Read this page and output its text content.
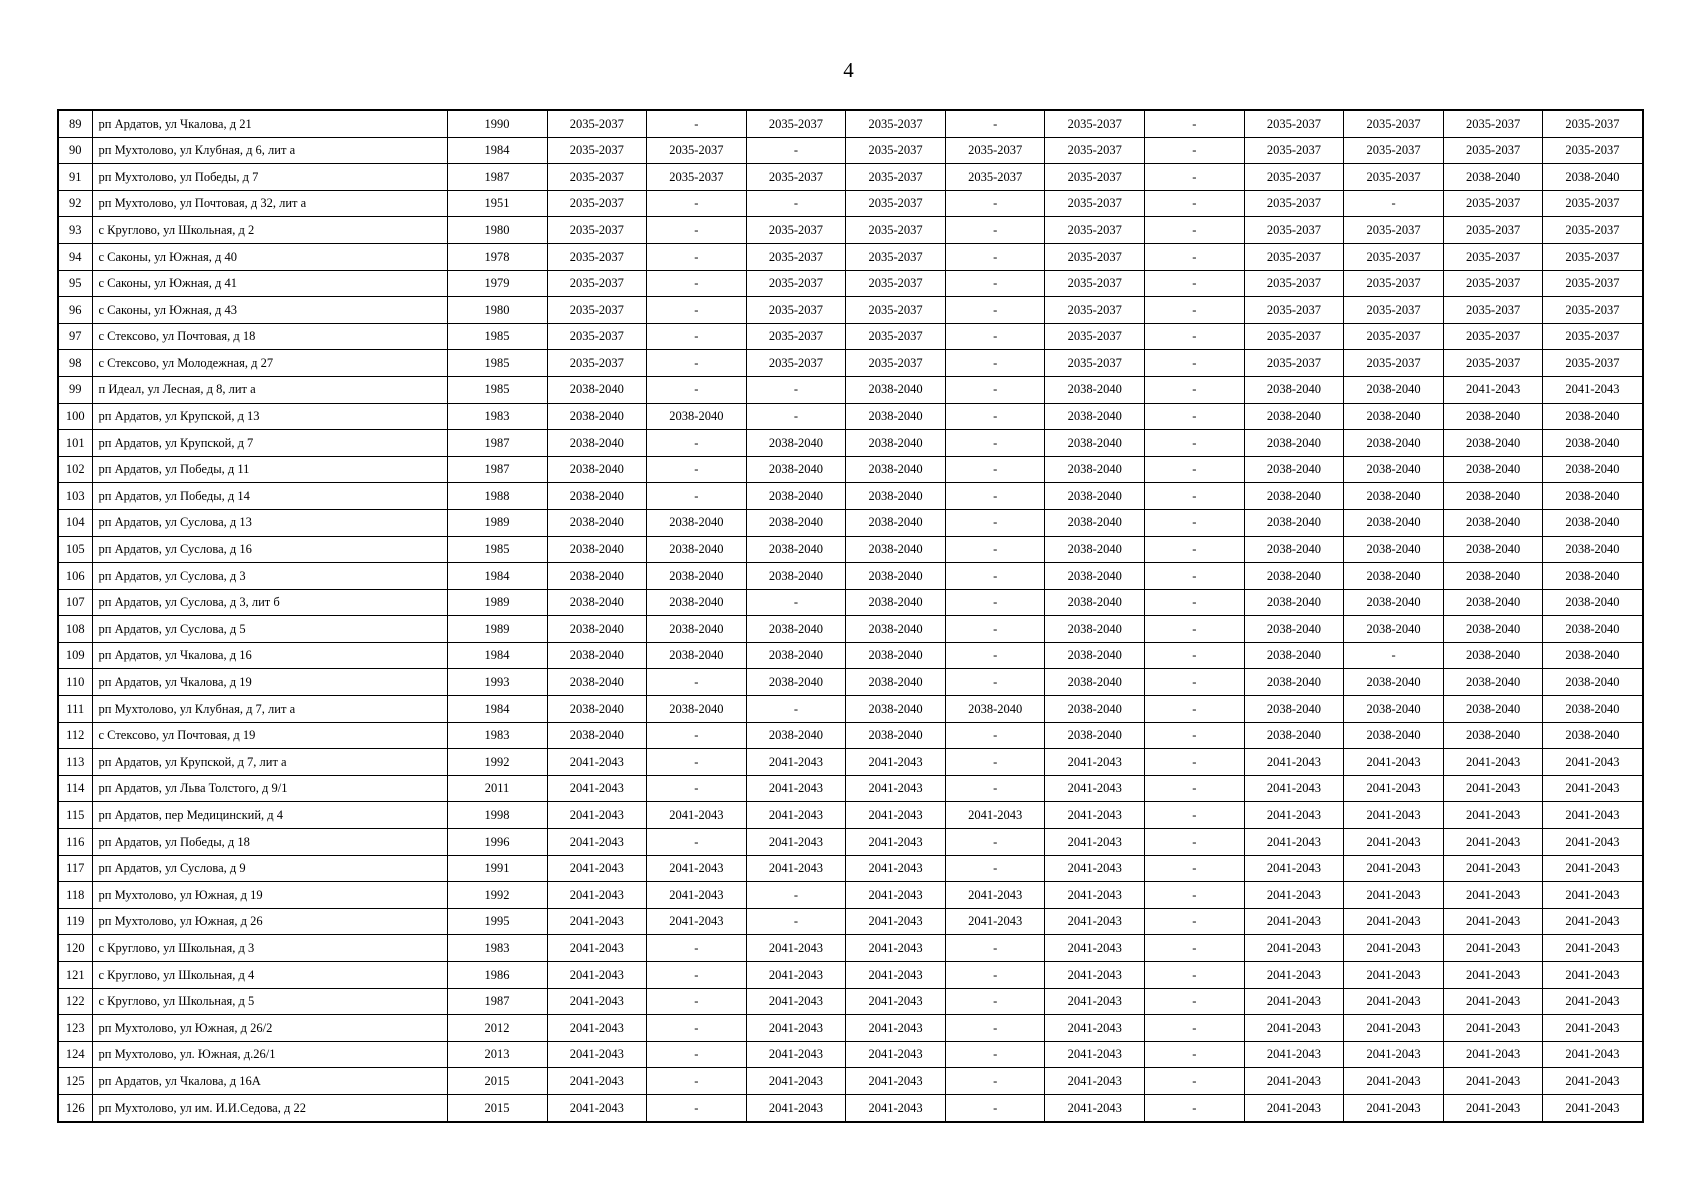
4
89	рп Ардатов, ул Чкалова, д 21	1990	2035-2037	-	2035-2037	2035-2037	-	2035-2037	-	2035-2037	2035-2037	2035-2037	2035-2037
90	рп Мухтолово, ул Клубная, д 6, лит а	1984	2035-2037	2035-2037	-	2035-2037	2035-2037	2035-2037	-	2035-2037	2035-2037	2035-2037	2035-2037
91	рп Мухтолово, ул Победы, д 7	1987	2035-2037	2035-2037	2035-2037	2035-2037	2035-2037	2035-2037	-	2035-2037	2035-2037	2038-2040	2038-2040
92	рп Мухтолово, ул Почтовая, д 32, лит а	1951	2035-2037	-	-	2035-2037	-	2035-2037	-	2035-2037	-	2035-2037	2035-2037
93	с Круглово, ул Школьная, д 2	1980	2035-2037	-	2035-2037	2035-2037	-	2035-2037	-	2035-2037	2035-2037	2035-2037	2035-2037
94	с Саконы, ул Южная, д 40	1978	2035-2037	-	2035-2037	2035-2037	-	2035-2037	-	2035-2037	2035-2037	2035-2037	2035-2037
95	с Саконы, ул Южная, д 41	1979	2035-2037	-	2035-2037	2035-2037	-	2035-2037	-	2035-2037	2035-2037	2035-2037	2035-2037
96	с Саконы, ул Южная, д 43	1980	2035-2037	-	2035-2037	2035-2037	-	2035-2037	-	2035-2037	2035-2037	2035-2037	2035-2037
97	с Стексово, ул Почтовая, д 18	1985	2035-2037	-	2035-2037	2035-2037	-	2035-2037	-	2035-2037	2035-2037	2035-2037	2035-2037
98	с Стексово, ул Молодежная, д 27	1985	2035-2037	-	2035-2037	2035-2037	-	2035-2037	-	2035-2037	2035-2037	2035-2037	2035-2037
99	п Идеал, ул Лесная, д 8, лит а	1985	2038-2040	-	-	2038-2040	-	2038-2040	-	2038-2040	2038-2040	2041-2043	2041-2043
100	рп Ардатов, ул Крупской, д 13	1983	2038-2040	2038-2040	-	2038-2040	-	2038-2040	-	2038-2040	2038-2040	2038-2040	2038-2040
101	рп Ардатов, ул Крупской, д 7	1987	2038-2040	-	2038-2040	2038-2040	-	2038-2040	-	2038-2040	2038-2040	2038-2040	2038-2040
102	рп Ардатов, ул Победы, д 11	1987	2038-2040	-	2038-2040	2038-2040	-	2038-2040	-	2038-2040	2038-2040	2038-2040	2038-2040
103	рп Ардатов, ул Победы, д 14	1988	2038-2040	-	2038-2040	2038-2040	-	2038-2040	-	2038-2040	2038-2040	2038-2040	2038-2040
104	рп Ардатов, ул Суслова, д 13	1989	2038-2040	2038-2040	2038-2040	2038-2040	-	2038-2040	-	2038-2040	2038-2040	2038-2040	2038-2040
105	рп Ардатов, ул Суслова, д 16	1985	2038-2040	2038-2040	2038-2040	2038-2040	-	2038-2040	-	2038-2040	2038-2040	2038-2040	2038-2040
106	рп Ардатов, ул Суслова, д 3	1984	2038-2040	2038-2040	2038-2040	2038-2040	-	2038-2040	-	2038-2040	2038-2040	2038-2040	2038-2040
107	рп Ардатов, ул Суслова, д 3, лит б	1989	2038-2040	2038-2040	-	2038-2040	-	2038-2040	-	2038-2040	2038-2040	2038-2040	2038-2040
108	рп Ардатов, ул Суслова, д 5	1989	2038-2040	2038-2040	2038-2040	2038-2040	-	2038-2040	-	2038-2040	2038-2040	2038-2040	2038-2040
109	рп Ардатов, ул Чкалова, д 16	1984	2038-2040	2038-2040	2038-2040	2038-2040	-	2038-2040	-	2038-2040	-	2038-2040	2038-2040
110	рп Ардатов, ул Чкалова, д 19	1993	2038-2040	-	2038-2040	2038-2040	-	2038-2040	-	2038-2040	2038-2040	2038-2040	2038-2040
111	рп Мухтолово, ул Клубная, д 7, лит а	1984	2038-2040	2038-2040	-	2038-2040	2038-2040	2038-2040	-	2038-2040	2038-2040	2038-2040	2038-2040
112	с Стексово, ул Почтовая, д 19	1983	2038-2040	-	2038-2040	2038-2040	-	2038-2040	-	2038-2040	2038-2040	2038-2040	2038-2040
113	рп Ардатов, ул Крупской, д 7, лит а	1992	2041-2043	-	2041-2043	2041-2043	-	2041-2043	-	2041-2043	2041-2043	2041-2043	2041-2043
114	рп Ардатов, ул Льва Толстого, д 9/1	2011	2041-2043	-	2041-2043	2041-2043	-	2041-2043	-	2041-2043	2041-2043	2041-2043	2041-2043
115	рп Ардатов, пер Медицинский, д 4	1998	2041-2043	2041-2043	2041-2043	2041-2043	2041-2043	2041-2043	-	2041-2043	2041-2043	2041-2043	2041-2043
116	рп Ардатов, ул Победы, д 18	1996	2041-2043	-	2041-2043	2041-2043	-	2041-2043	-	2041-2043	2041-2043	2041-2043	2041-2043
117	рп Ардатов, ул Суслова, д 9	1991	2041-2043	2041-2043	2041-2043	2041-2043	-	2041-2043	-	2041-2043	2041-2043	2041-2043	2041-2043
118	рп Мухтолово, ул Южная, д 19	1992	2041-2043	2041-2043	-	2041-2043	2041-2043	2041-2043	-	2041-2043	2041-2043	2041-2043	2041-2043
119	рп Мухтолово, ул Южная, д 26	1995	2041-2043	2041-2043	-	2041-2043	2041-2043	2041-2043	-	2041-2043	2041-2043	2041-2043	2041-2043
120	с Круглово, ул Школьная, д 3	1983	2041-2043	-	2041-2043	2041-2043	-	2041-2043	-	2041-2043	2041-2043	2041-2043	2041-2043
121	с Круглово, ул Школьная, д 4	1986	2041-2043	-	2041-2043	2041-2043	-	2041-2043	-	2041-2043	2041-2043	2041-2043	2041-2043
122	с Круглово, ул Школьная, д 5	1987	2041-2043	-	2041-2043	2041-2043	-	2041-2043	-	2041-2043	2041-2043	2041-2043	2041-2043
123	рп Мухтолово, ул Южная, д 26/2	2012	2041-2043	-	2041-2043	2041-2043	-	2041-2043	-	2041-2043	2041-2043	2041-2043	2041-2043
124	рп Мухтолово, ул. Южная, д.26/1	2013	2041-2043	-	2041-2043	2041-2043	-	2041-2043	-	2041-2043	2041-2043	2041-2043	2041-2043
125	рп Ардатов, ул Чкалова, д 16А	2015	2041-2043	-	2041-2043	2041-2043	-	2041-2043	-	2041-2043	2041-2043	2041-2043	2041-2043
126	рп Мухтолово, ул им. И.И.Седова, д 22	2015	2041-2043	-	2041-2043	2041-2043	-	2041-2043	-	2041-2043	2041-2043	2041-2043	2041-2043
